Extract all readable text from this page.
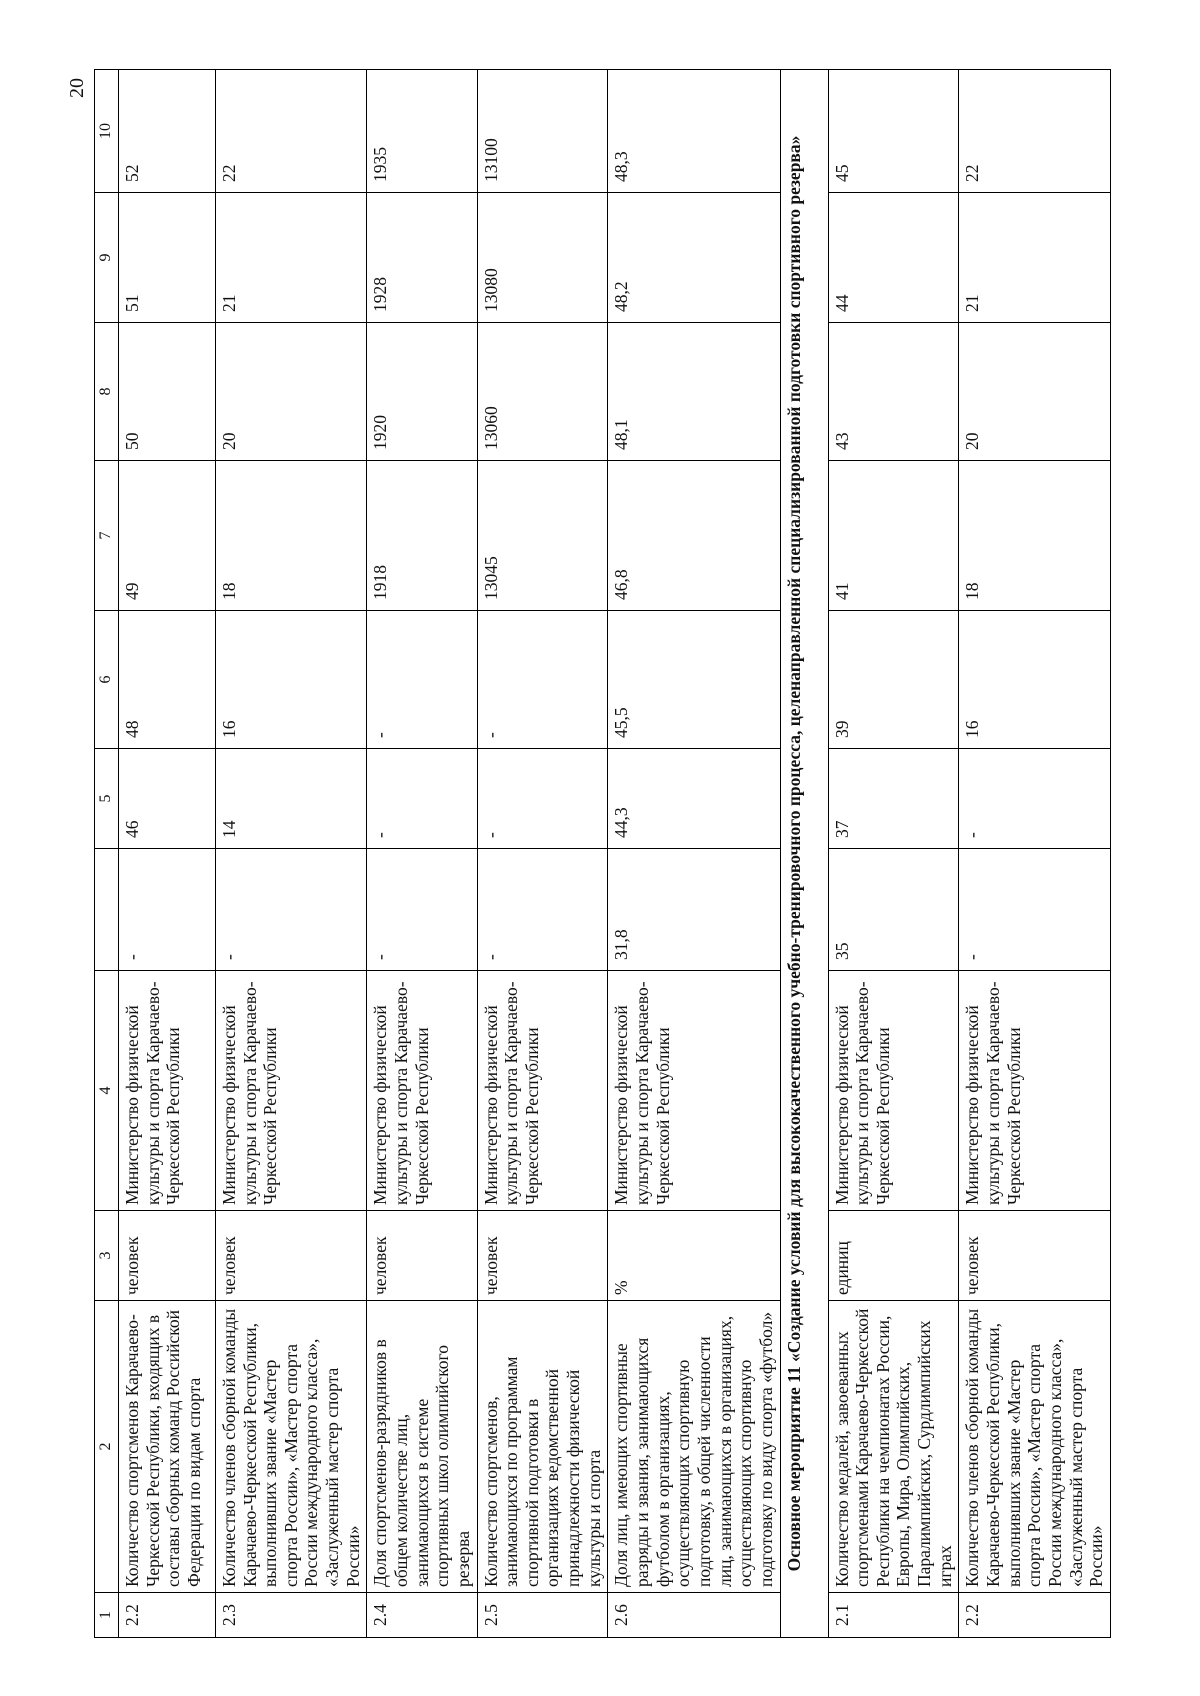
20
1	2	3	4		5	6	7	8	9	10
2.2	Количество спортсменов Карачаево-Черкесской Республики, входящих в составы сборных команд Российской Федерации по видам спорта	человек	Министерство физической культуры и спорта Карачаево-Черкесской Республики	-	46	48	49	50	51	52
2.3	Количество членов сборной команды Карачаево-Черкесской Республики, выполнивших звание «Мастер спорта России», «Мастер спорта России международного класса», «Заслуженный мастер спорта России»	человек	Министерство физической культуры и спорта Карачаево-Черкесской Республики	-	14	16	18	20	21	22
2.4	Доля спортсменов-разрядников в общем количестве лиц, занимающихся в системе спортивных школ олимпийского резерва	человек	Министерство физической культуры и спорта Карачаево-Черкесской Республики	-	-	-	1918	1920	1928	1935
2.5	Количество спортсменов, занимающихся по программам спортивной подготовки в организациях ведомственной принадлежности физической культуры и спорта	человек	Министерство физической культуры и спорта Карачаево-Черкесской Республики	-	-	-	13045	13060	13080	13100
2.6	Доля лиц, имеющих спортивные разряды и звания, занимающихся футболом в организациях, осуществляющих спортивную подготовку, в общей численности лиц, занимающихся в организациях, осуществляющих спортивную подготовку по виду спорта «футбол»	%	Министерство физической культуры и спорта Карачаево-Черкесской Республики	31,8	44,3	45,5	46,8	48,1	48,2	48,3
Основное мероприятие 11 «Создание условий для высококачественного учебно-тренировочного процесса, целенаправленной специализированной подготовки спортивного резерва»										
2.1	Количество медалей, завоеванных спортсменами Карачаево-Черкесской Республики на чемпионатах России, Европы, Мира, Олимпийских, Паралимпийских, Сурдлимпийских играх	единиц	Министерство физической культуры и спорта Карачаево-Черкесской Республики	35	37	39	41	43	44	45
2.2	Количество членов сборной команды Карачаево-Черкесской Республики, выполнивших звание «Мастер спорта России», «Мастер спорта России международного класса», «Заслуженный мастер спорта России»	человек	Министерство физической культуры и спорта Карачаево-Черкесской Республики	-	-	16	18	20	21	22
